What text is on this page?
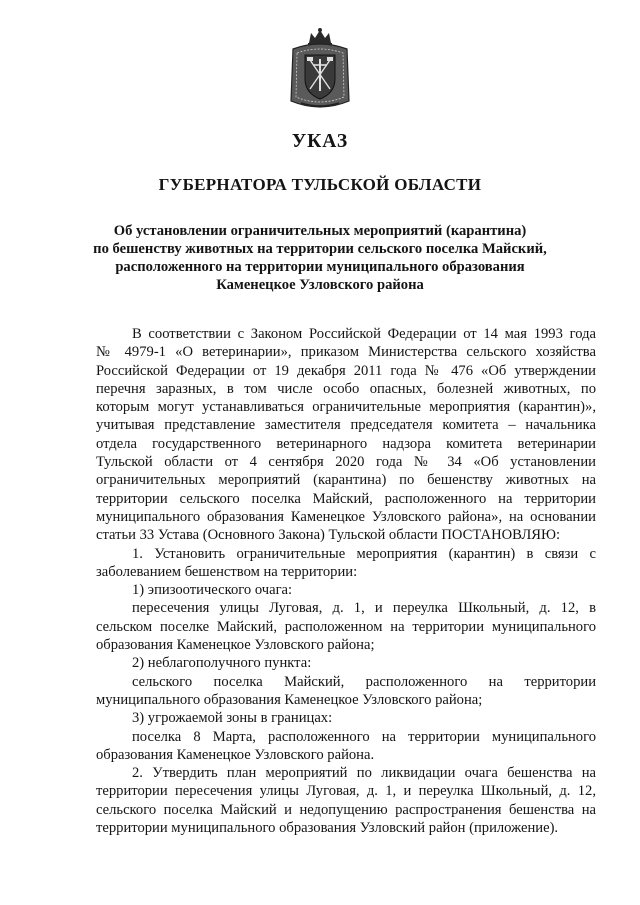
УКАЗ
ГУБЕРНАТОРА ТУЛЬСКОЙ ОБЛАСТИ
Об установлении ограничительных мероприятий (карантина)
по бешенству животных на территории сельского поселка Майский,
расположенного на территории муниципального образования
Каменецкое Узловского района
В соответствии с Законом Российской Федерации от 14 мая 1993 года
№ 4979-1 «О ветеринарии», приказом Министерства сельского хозяйства
Российской Федерации от 19 декабря 2011 года № 476 «Об утверждении
перечня заразных, в том числе особо опасных, болезней животных, по
которым могут устанавливаться ограничительные мероприятия (карантин)»,
учитывая представление заместителя председателя комитета – начальника
отдела государственного ветеринарного надзора комитета ветеринарии
Тульской области от 4 сентября 2020 года № 34 «Об установлении
ограничительных мероприятий (карантина) по бешенству животных на
территории сельского поселка Майский, расположенного на территории
муниципального образования Каменецкое Узловского района», на основании
статьи 33 Устава (Основного Закона) Тульской области ПОСТАНОВЛЯЮ:
1. Установить ограничительные мероприятия (карантин) в связи с
заболеванием бешенством на территории:
1) эпизоотического очага:
пересечения улицы Луговая, д. 1, и переулка Школьный, д. 12, в
сельском поселке Майский, расположенном на территории муниципального
образования Каменецкое Узловского района;
2) неблагополучного пункта:
сельского поселка Майский, расположенного на территории
муниципального образования Каменецкое Узловского района;
3) угрожаемой зоны в границах:
поселка 8 Марта, расположенного на территории муниципального
образования Каменецкое Узловского района.
2. Утвердить план мероприятий по ликвидации очага бешенства на
территории пересечения улицы Луговая, д. 1, и переулка Школьный, д. 12,
сельского поселка Майский и недопущению распространения бешенства на
территории муниципального образования Узловский район (приложение).
